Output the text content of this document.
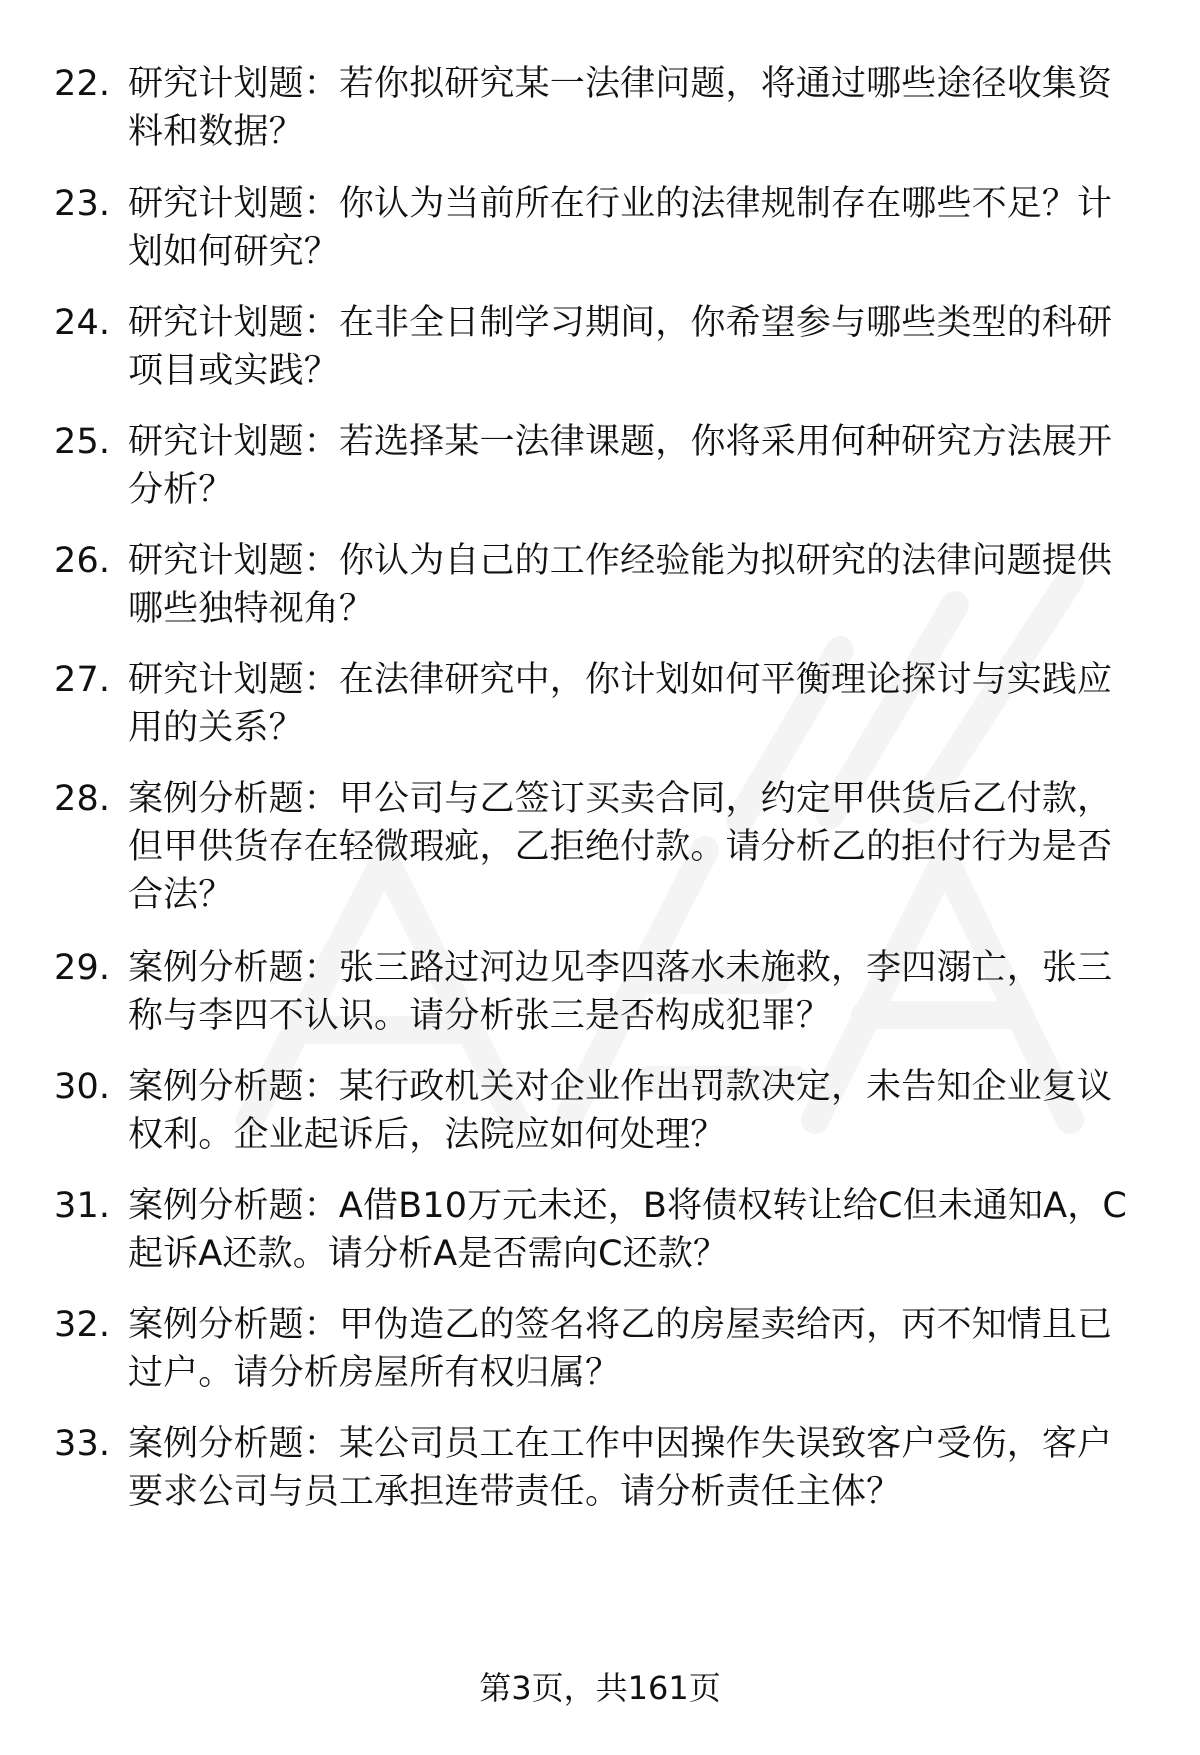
22. 研究计划题：若你拟研究某一法律问题，将通过哪些途径收集资
料和数据？
23. 研究计划题：你认为当前所在行业的法律规制存在哪些不足？计
划如何研究？
24. 研究计划题：在非全日制学习期间，你希望参与哪些类型的科研
项目或实践？
25. 研究计划题：若选择某一法律课题，你将采用何种研究方法展开
分析？
26. 研究计划题：你认为自己的工作经验能为拟研究的法律问题提供
哪些独特视角？
27. 研究计划题：在法律研究中，你计划如何平衡理论探讨与实践应
用的关系？
28. 案例分析题：甲公司与乙签订买卖合同，约定甲供货后乙付款，
但甲供货存在轻微瑕疵，乙拒绝付款。请分析乙的拒付行为是否
合法？
29. 案例分析题：张三路过河边见李四落水未施救，李四溺亡，张三
称与李四不认识。请分析张三是否构成犯罪？
30. 案例分析题：某行政机关对企业作出罚款决定，未告知企业复议
权利。企业起诉后，法院应如何处理？
31. 案例分析题：A借B10万元未还，B将债权转让给C但未通知A，C
起诉A还款。请分析A是否需向C还款？
32. 案例分析题：甲伪造乙的签名将乙的房屋卖给丙，丙不知情且已
过户。请分析房屋所有权归属？
33. 案例分析题：某公司员工在工作中因操作失误致客户受伤，客户
要求公司与员工承担连带责任。请分析责任主体？
第3页，共161页
